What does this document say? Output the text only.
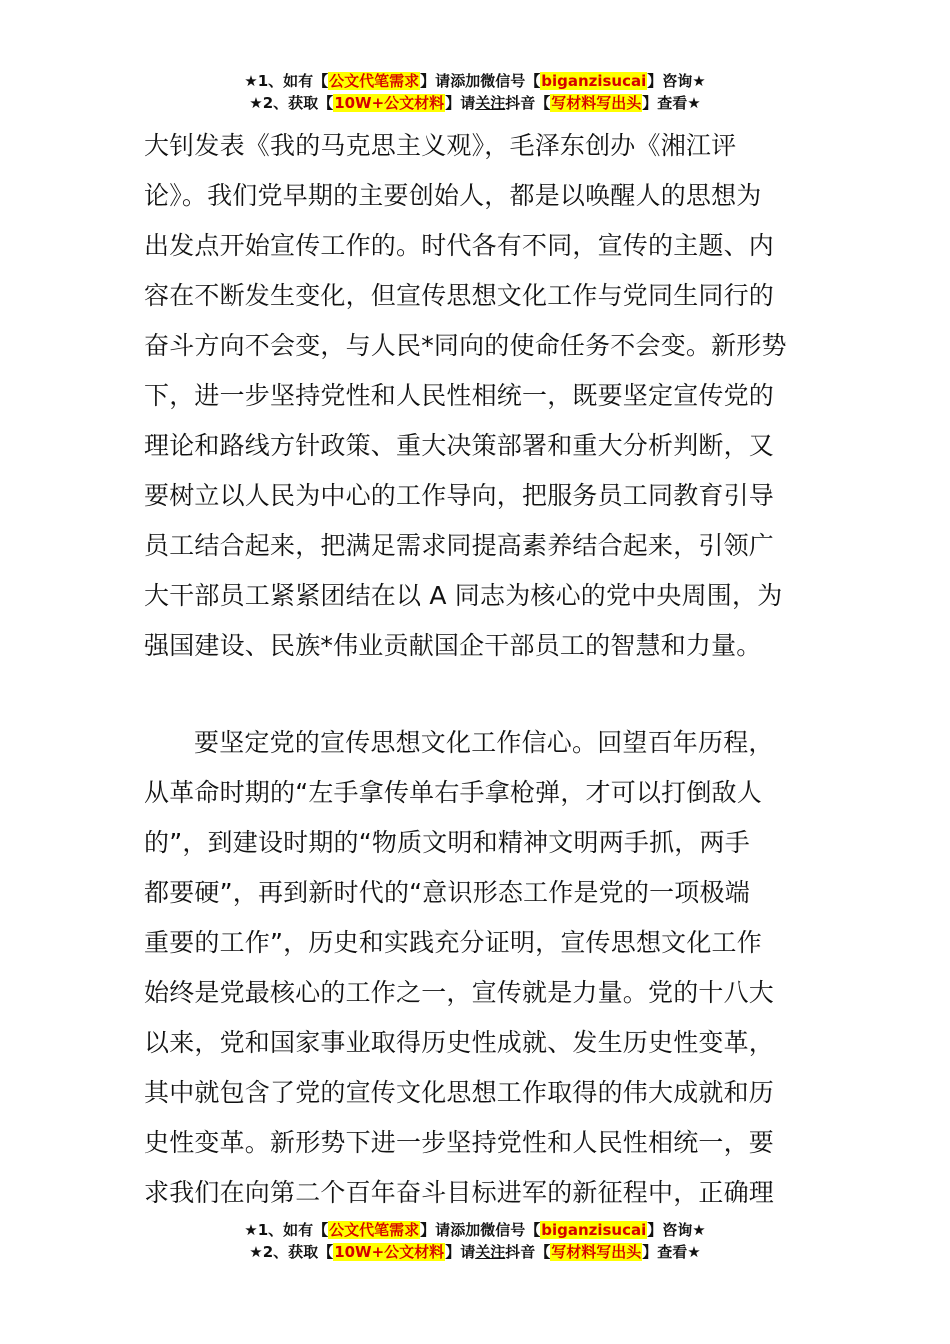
★1、如有【公文代笔需求】请添加微信号【biganzisucai】咨询★
★2、获取【10W+公文材料】请关注抖音【写材料写出头】查看★
大钊发表《我的马克思主义观》，毛泽东创办《湘江评
论》。我们党早期的主要创始人，都是以唤醒人的思想为
出发点开始宣传工作的。时代各有不同，宣传的主题、内
容在不断发生变化，但宣传思想文化工作与党同生同行的
奋斗方向不会变，与人民*同向的使命任务不会变。新形势
下，进一步坚持党性和人民性相统一，既要坚定宣传党的
理论和路线方针政策、重大决策部署和重大分析判断，又
要树立以人民为中心的工作导向，把服务员工同教育引导
员工结合起来，把满足需求同提高素养结合起来，引领广
大干部员工紧紧团结在以 A 同志为核心的党中央周围，为
强国建设、民族*伟业贡献国企干部员工的智慧和力量。
要坚定党的宣传思想文化工作信心。回望百年历程，
从革命时期的“左手拿传单右手拿枪弹，才可以打倒敌人
的”，到建设时期的“物质文明和精神文明两手抓，两手
都要硬”，再到新时代的“意识形态工作是党的一项极端
重要的工作”，历史和实践充分证明，宣传思想文化工作
始终是党最核心的工作之一，宣传就是力量。党的十八大
以来，党和国家事业取得历史性成就、发生历史性变革，
其中就包含了党的宣传文化思想工作取得的伟大成就和历
史性变革。新形势下进一步坚持党性和人民性相统一，要
求我们在向第二个百年奋斗目标进军的新征程中，正确理
★1、如有【公文代笔需求】请添加微信号【biganzisucai】咨询★
★2、获取【10W+公文材料】请关注抖音【写材料写出头】查看★
